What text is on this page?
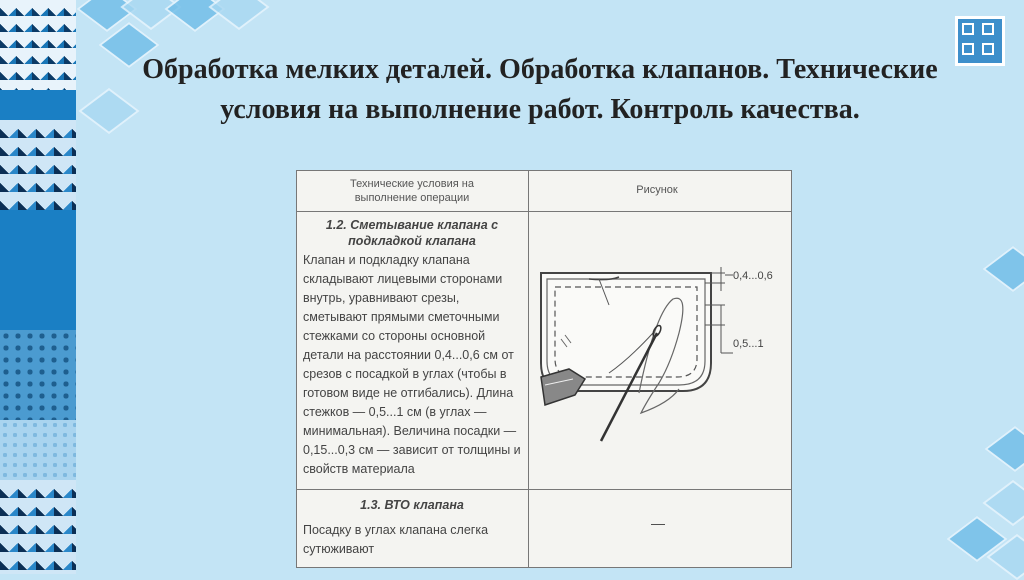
Обработка мелких деталей. Обработка клапанов. Технические условия на выполнение работ. Контроль качества.
Технические условия на выполнение операции
Рисунок
1.2. Сметывание клапана с подкладкой клапана
Клапан и подкладку клапана складывают лицевыми сторонами внутрь, уравнивают срезы, сметывают прямыми сметочными стежками со стороны основной детали на расстоянии 0,4...0,6 см от срезов с посадкой в углах (чтобы в готовом виде не отгибались). Длина стежков — 0,5...1 см (в углах — минимальная). Величина посадки — 0,15...0,3 см — зависит от толщины и свойств материала
1.3. ВТО клапана
Посадку в углах клапана слегка сутюживают
—
0,4...0,6
0,5...1
